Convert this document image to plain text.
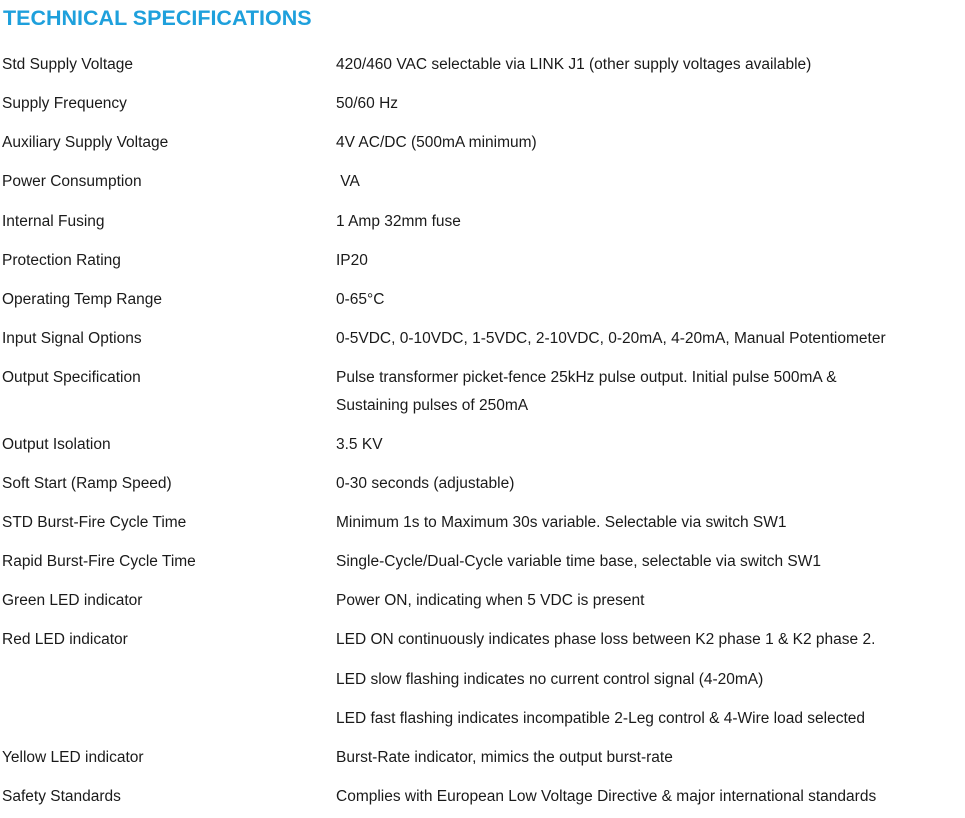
TECHNICAL SPECIFICATIONS
Std Supply Voltage	420/460 VAC selectable via LINK J1 (other supply voltages available)
Supply Frequency	50/60 Hz
Auxiliary Supply Voltage	4V AC/DC (500mA minimum)
Power Consumption	VA
Internal Fusing	1 Amp 32mm fuse
Protection Rating	IP20
Operating Temp Range	0-65°C
Input Signal Options	0-5VDC, 0-10VDC, 1-5VDC, 2-10VDC, 0-20mA, 4-20mA, Manual Potentiometer
Output Specification	Pulse transformer picket-fence 25kHz pulse output. Initial pulse 500mA &
Sustaining pulses of 250mA
Output Isolation	3.5 KV
Soft Start (Ramp Speed)	0-30 seconds (adjustable)
STD Burst-Fire Cycle Time	Minimum 1s to Maximum 30s variable. Selectable via switch SW1
Rapid Burst-Fire Cycle Time	Single-Cycle/Dual-Cycle variable time base, selectable via switch SW1
Green LED indicator	Power ON, indicating when 5 VDC is present
Red LED indicator	LED ON continuously indicates phase loss between K2 phase 1 & K2 phase 2.
LED slow flashing indicates no current control signal (4-20mA)
LED fast flashing indicates incompatible 2-Leg control & 4-Wire load selected
Yellow LED indicator	Burst-Rate indicator, mimics the output burst-rate
Safety Standards	Complies with European Low Voltage Directive & major international standards
